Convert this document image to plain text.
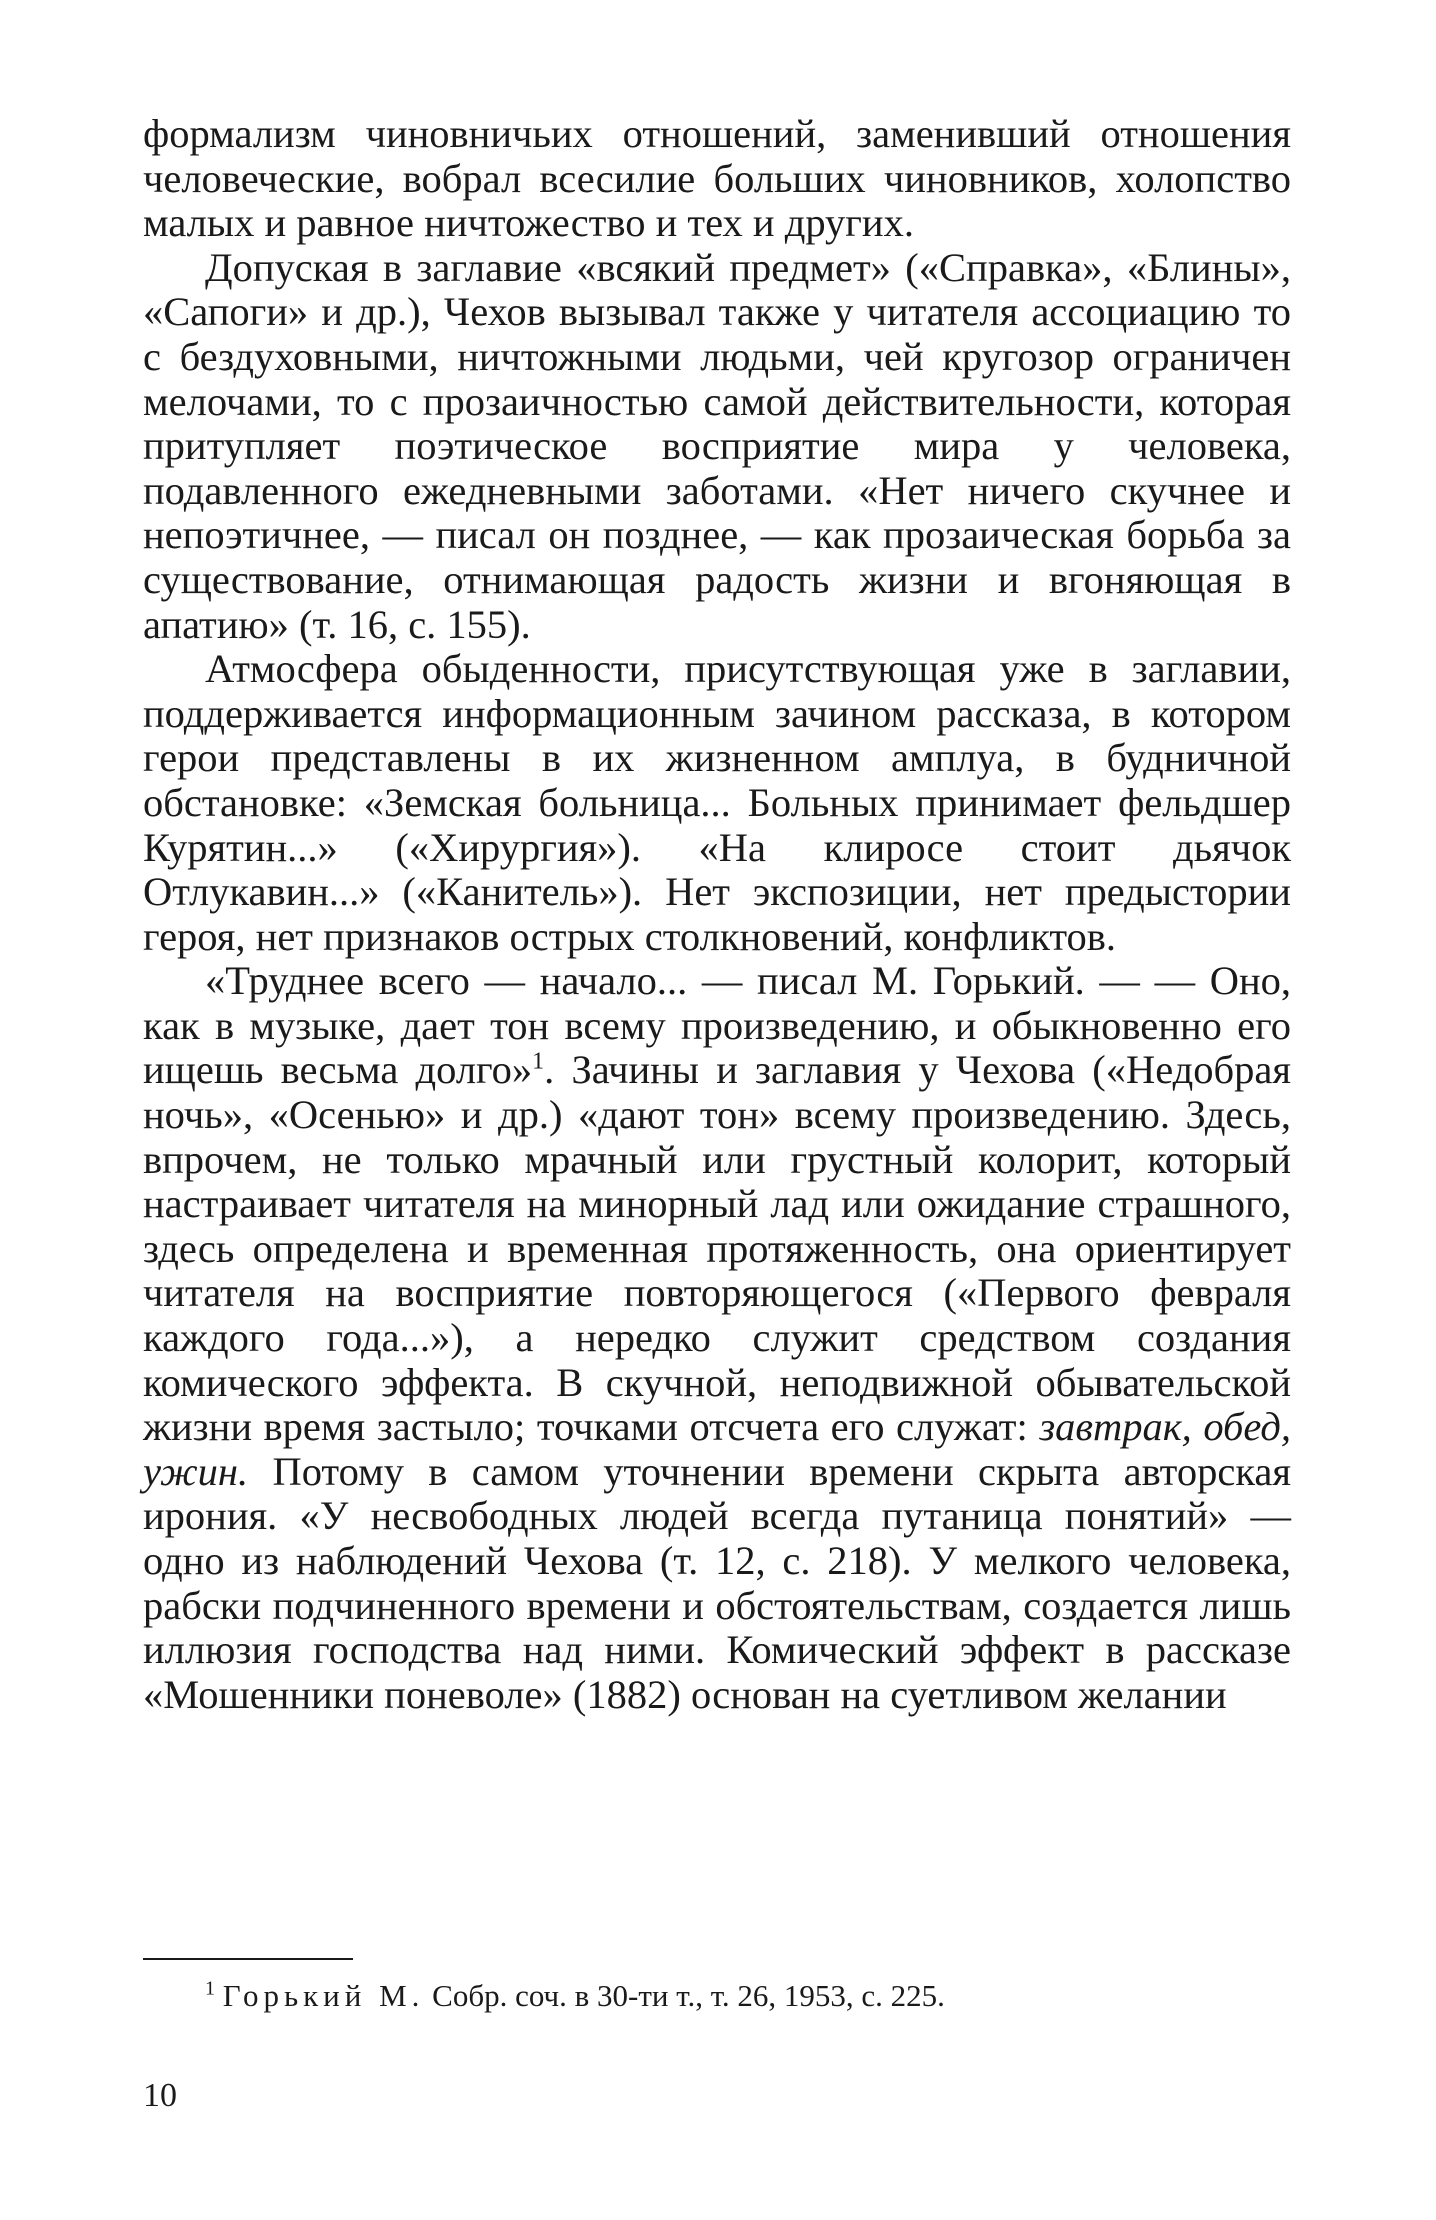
формализм чиновничьих отношений, заменивший отношения человеческие, вобрал всесилие больших чиновников, холопство малых и равное ничтожество и тех и других.

Допуская в заглавие «всякий предмет» («Справка», «Блины», «Сапоги» и др.), Чехов вызывал также у читателя ассоциацию то с бездуховными, ничтожными людьми, чей кругозор ограничен мелочами, то с прозаичностью самой действительности, которая притупляет поэтическое восприятие мира у человека, подавленного ежедневными заботами. «Нет ничего скучнее и непоэтичнее, — писал он позднее, — как прозаическая борьба за существование, отнимающая радость жизни и вгоняющая в апатию» (т. 16, с. 155).

Атмосфера обыденности, присутствующая уже в заглавии, поддерживается информационным зачином рассказа, в котором герои представлены в их жизненном амплуа, в будничной обстановке: «Земская больница... Больных принимает фельдшер Курятин...» («Хирургия»). «На клиросе стоит дьячок Отлукавин...» («Канитель»). Нет экспозиции, нет предыстории героя, нет признаков острых столкновений, конфликтов.

«Труднее всего — начало... — писал М. Горький. — — Оно, как в музыке, дает тон всему произведению, и обыкновенно его ищешь весьма долго»$^1$. Зачины и заглавия у Чехова («Недобрая ночь», «Осенью» и др.) «дают тон» всему произведению. Здесь, впрочем, не только мрачный или грустный колорит, который настраивает читателя на минорный лад или ожидание страшного, здесь определена и временная протяженность, она ориентирует читателя на восприятие повторяющегося («Первого февраля каждого года...»), а нередко служит средством создания комического эффекта. В скучной, неподвижной обывательской жизни время застыло; точками отсчета его служат: завтрак, обед, ужин. Потому в самом уточнении времени скрыта авторская ирония. «У несвободных людей всегда путаница понятий» — одно из наблюдений Чехова (т. 12, с. 218). У мелкого человека, рабски подчиненного времени и обстоятельствам, создается лишь иллюзия господства над ними. Комический эффект в рассказе «Мошенники поневоле» (1882) основан на суетливом желании

$^1$ Горький М. Собр. соч. в 30-ти т., т. 26, 1953, с. 225.
10
